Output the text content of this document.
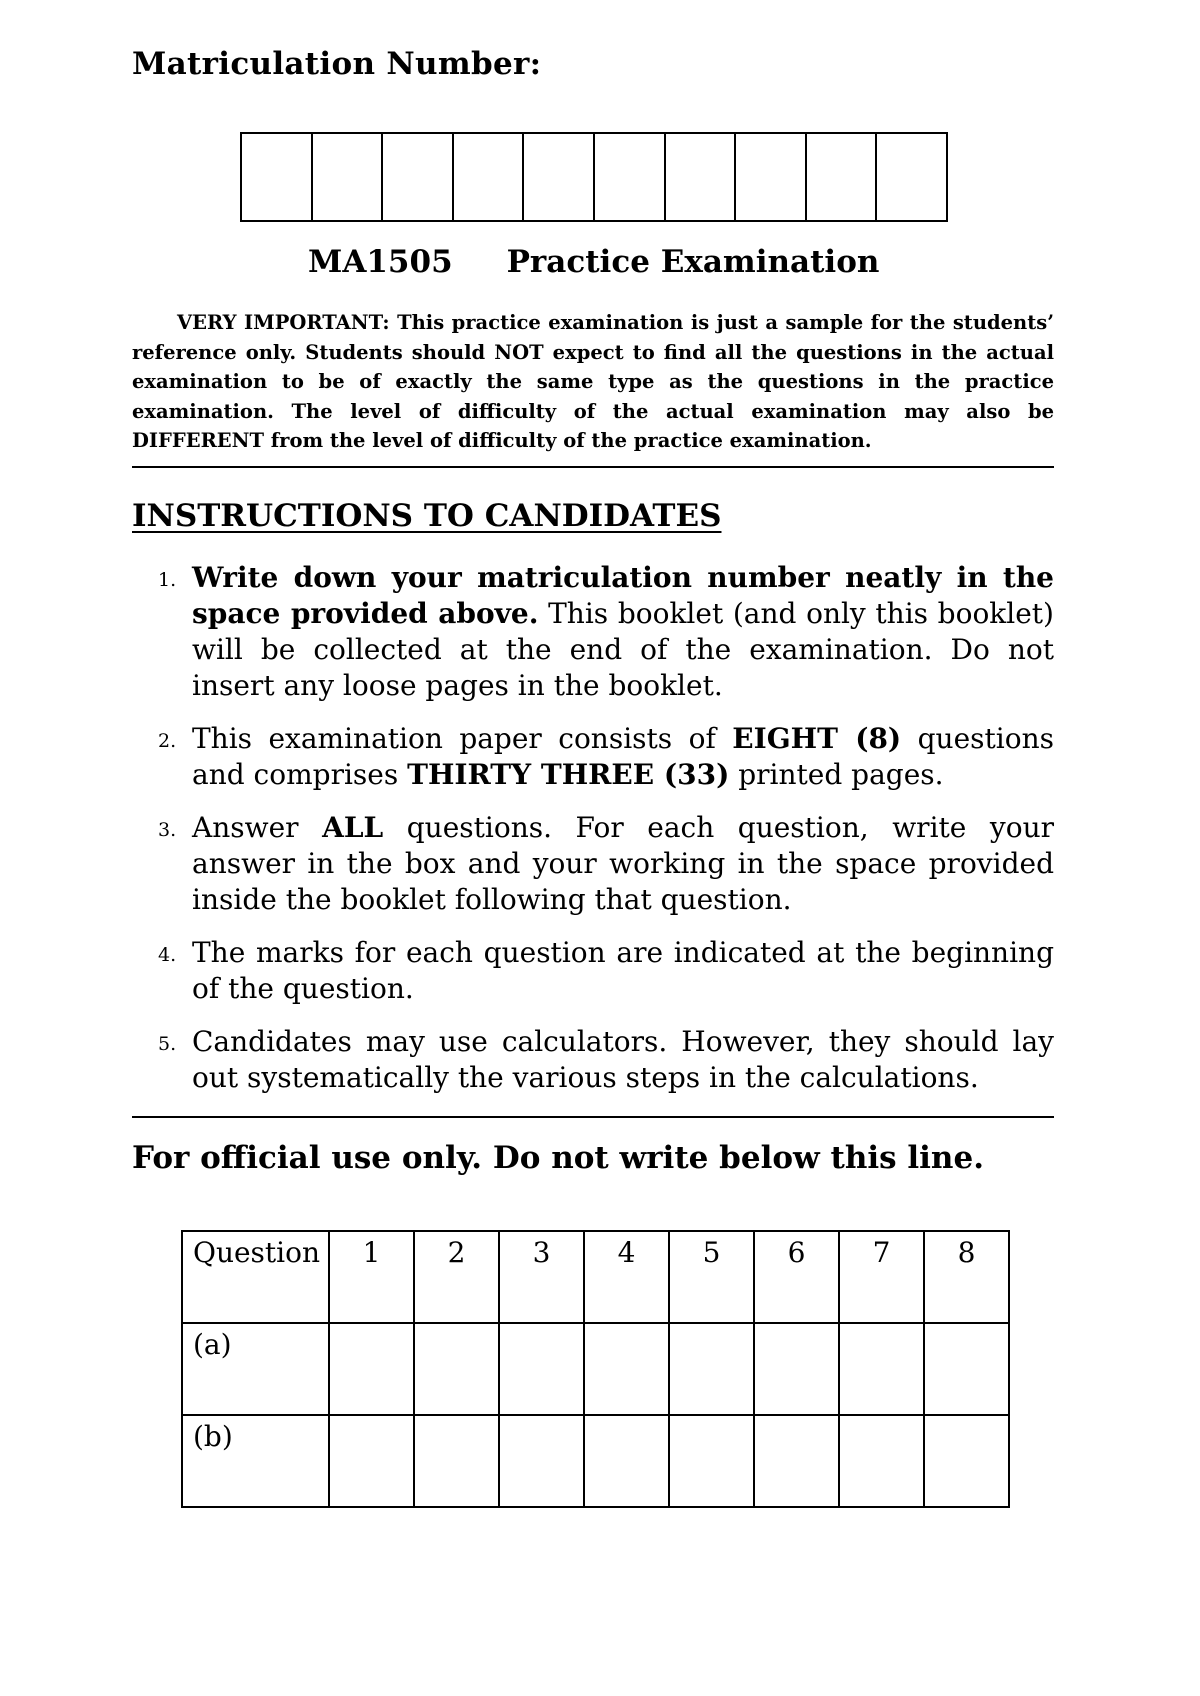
Matriculation Number:
MA1505 Practice Examination
VERY IMPORTANT: This practice examination is just a sample for the students’ reference only. Students should NOT expect to find all the questions in the actual examination to be of exactly the same type as the questions in the practice examination. The level of difficulty of the actual examination may also be DIFFERENT from the level of difficulty of the practice examination.
INSTRUCTIONS TO CANDIDATES
1. Write down your matriculation number neatly in the space provided above. This booklet (and only this booklet) will be collected at the end of the examination. Do not insert any loose pages in the booklet.
2. This examination paper consists of EIGHT (8) questions and comprises THIRTY THREE (33) printed pages.
3. Answer ALL questions. For each question, write your answer in the box and your working in the space provided inside the booklet following that question.
4. The marks for each question are indicated at the beginning of the question.
5. Candidates may use calculators. However, they should lay out systematically the various steps in the calculations.
For official use only. Do not write below this line.
Question	1	2	3	4	5	6	7	8
(a)								
(b)								
